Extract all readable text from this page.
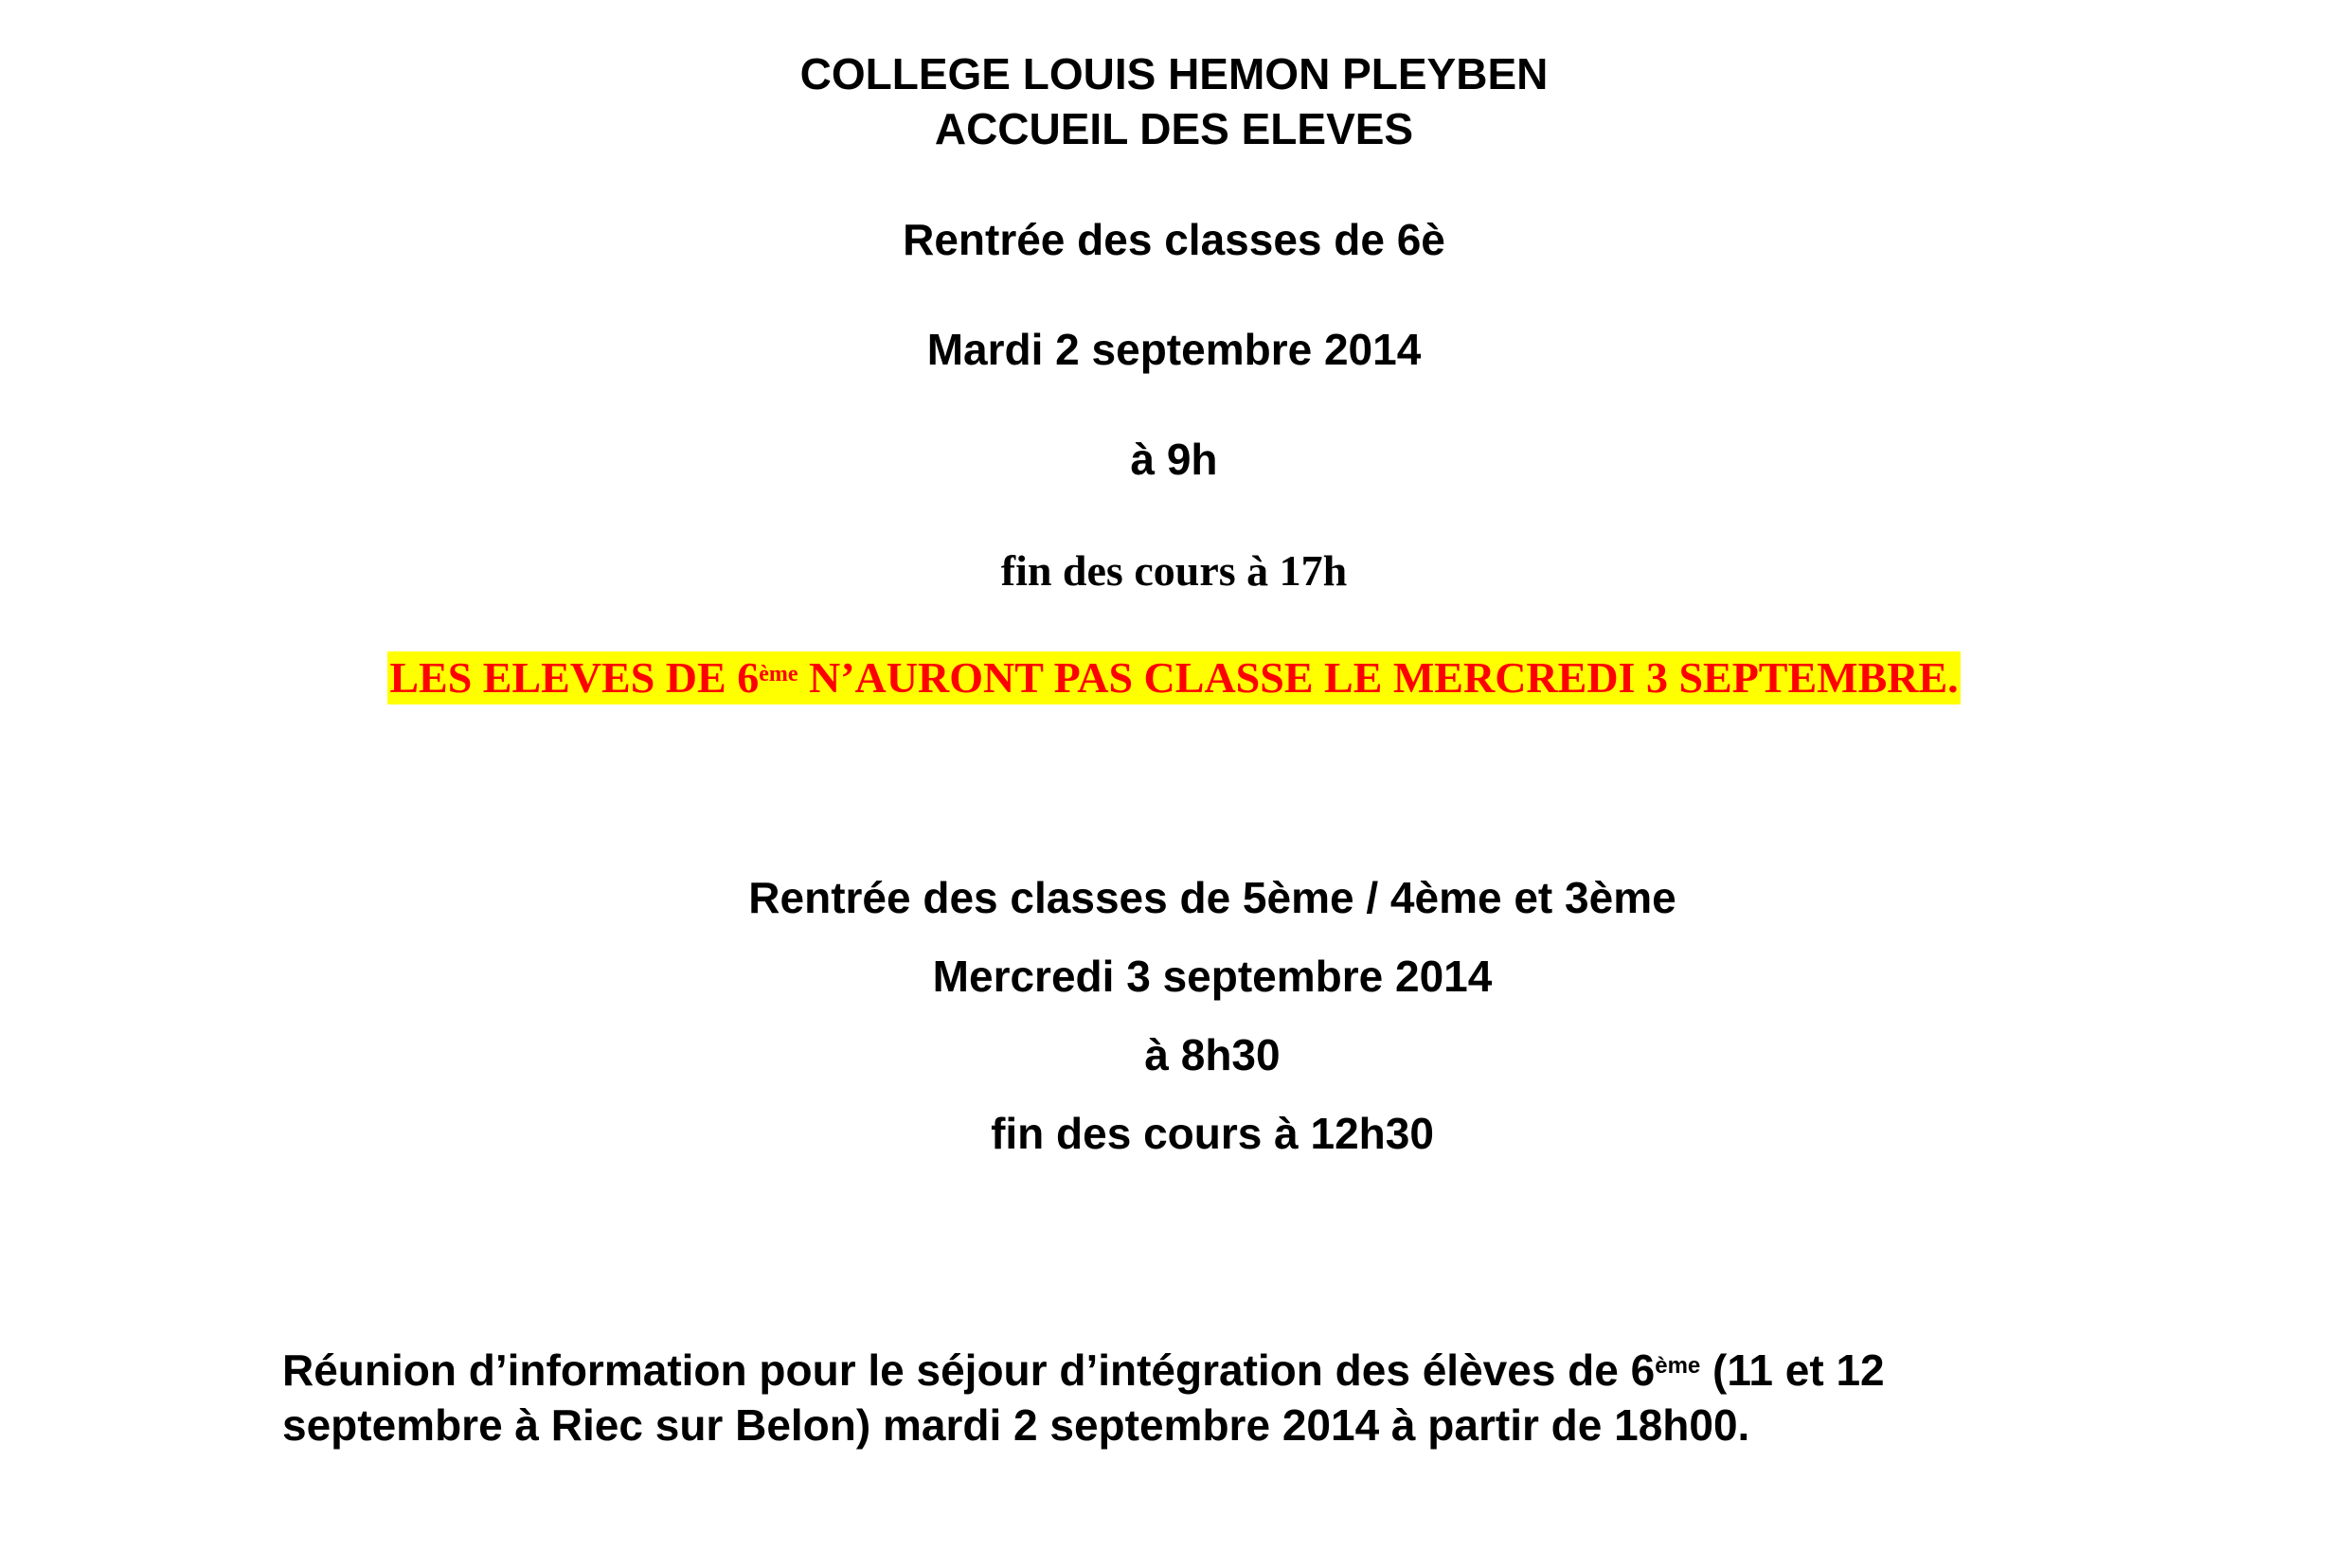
COLLEGE LOUIS HEMON PLEYBEN
ACCUEIL DES ELEVES
Rentrée des classes de 6è
Mardi 2 septembre 2014
à 9h
fin des cours à 17h
LES ELEVES DE 6ème N’AURONT PAS CLASSE LE MERCREDI 3 SEPTEMBRE.
Rentrée des classes de 5ème / 4ème et 3ème
Mercredi 3 septembre 2014
à 8h30
fin des cours à 12h30
Réunion d’information pour le séjour d’intégration des élèves de 6ème (11 et 12 septembre à Riec sur Belon) mardi 2 septembre 2014 à partir de 18h00.
